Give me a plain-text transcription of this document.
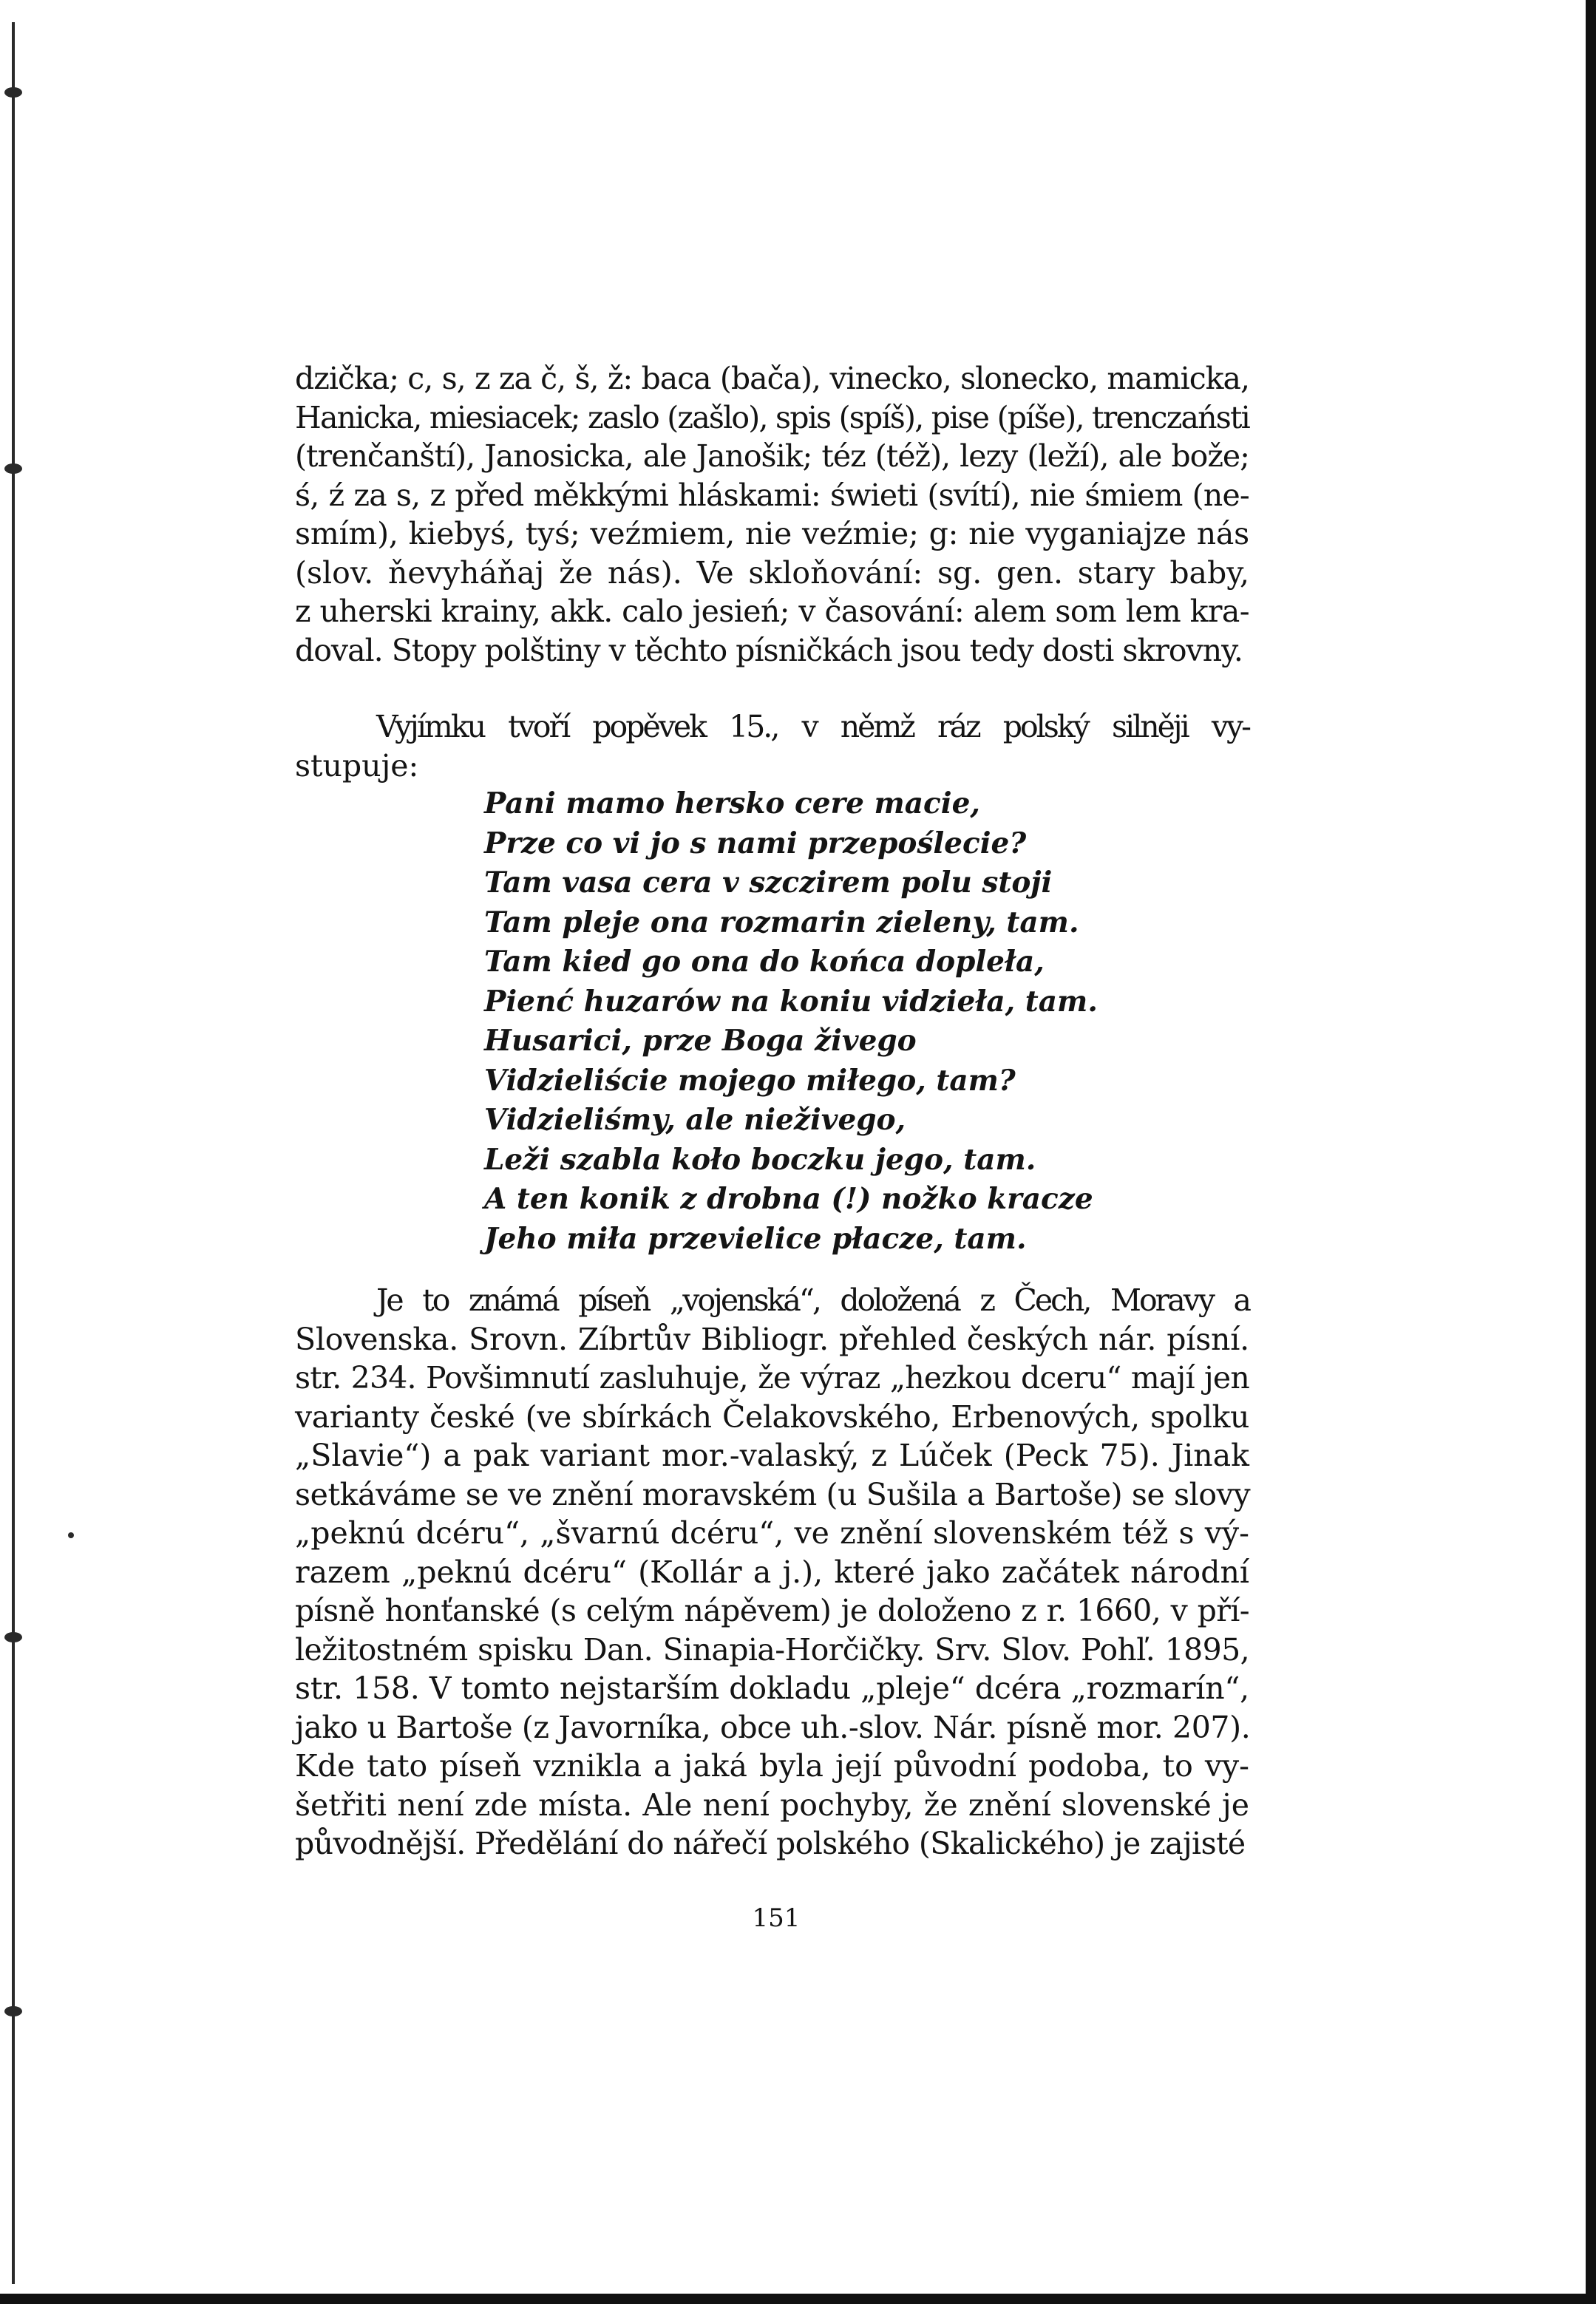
dzička; c, s, z za č, š, ž: baca (bača), vinecko, slonecko, mamicka,
Hanicka, miesiacek; zaslo (zašlo), spis (spíš), pise (píše), trenczaństi
(trenčanští), Janosicka, ale Janošik; téz (též), lezy (leží), ale bože;
ś, ź za s, z před měkkými hláskami: świeti (svítí), nie śmiem (ne-
smím), kiebyś, tyś; veźmiem, nie veźmie; g: nie vyganiajze nás
(slov. ňevyháňaj že nás). Ve skloňování: sg. gen. stary baby,
z uherski krainy, akk. calo jesień; v časování: alem som lem kra-
doval. Stopy polštiny v těchto písničkách jsou tedy dosti skrovny.
Vyjímku tvoří popěvek 15., v němž ráz polský silněji vy-
stupuje:
Pani mamo hersko cere macie,
Prze co vi jo s nami przepoślecie?
Tam vasa cera v szczirem polu stoji
Tam pleje ona rozmarin zieleny, tam.
Tam kied go ona do końca dopleła,
Pienć huzarów na koniu vidzieła, tam.
Husarici, prze Boga živego
Vidzieliście mojego miłego, tam?
Vidzieliśmy, ale nieživego,
Leži szabla koło boczku jego, tam.
A ten konik z drobna (!) nožko kracze
Jeho miła przevielice płacze, tam.
Je to známá píseň „vojenská“, doložená z Čech, Moravy a
Slovenska. Srovn. Zíbrtův Bibliogr. přehled českých nár. písní.
str. 234. Povšimnutí zasluhuje, že výraz „hezkou dceru“ mají jen
varianty české (ve sbírkách Čelakovského, Erbenových, spolku
„Slavie“) a pak variant mor.-valaský, z Lúček (Peck 75). Jinak
setkáváme se ve znění moravském (u Sušila a Bartoše) se slovy
„peknú dcéru“, „švarnú dcéru“, ve znění slovenském též s vý-
razem „peknú dcéru“ (Kollár a j.), které jako začátek národní
písně honťanské (s celým nápěvem) je doloženo z r. 1660, v pří-
ležitostném spisku Dan. Sinapia-Horčičky. Srv. Slov. Pohľ. 1895,
str. 158. V tomto nejstarším dokladu „pleje“ dcéra „rozmarín“,
jako u Bartoše (z Javorníka, obce uh.-slov. Nár. písně mor. 207).
Kde tato píseň vznikla a jaká byla její původní podoba, to vy-
šetřiti není zde místa. Ale není pochyby, že znění slovenské je
původnější. Předělání do nářečí polského (Skalického) je zajisté
151
